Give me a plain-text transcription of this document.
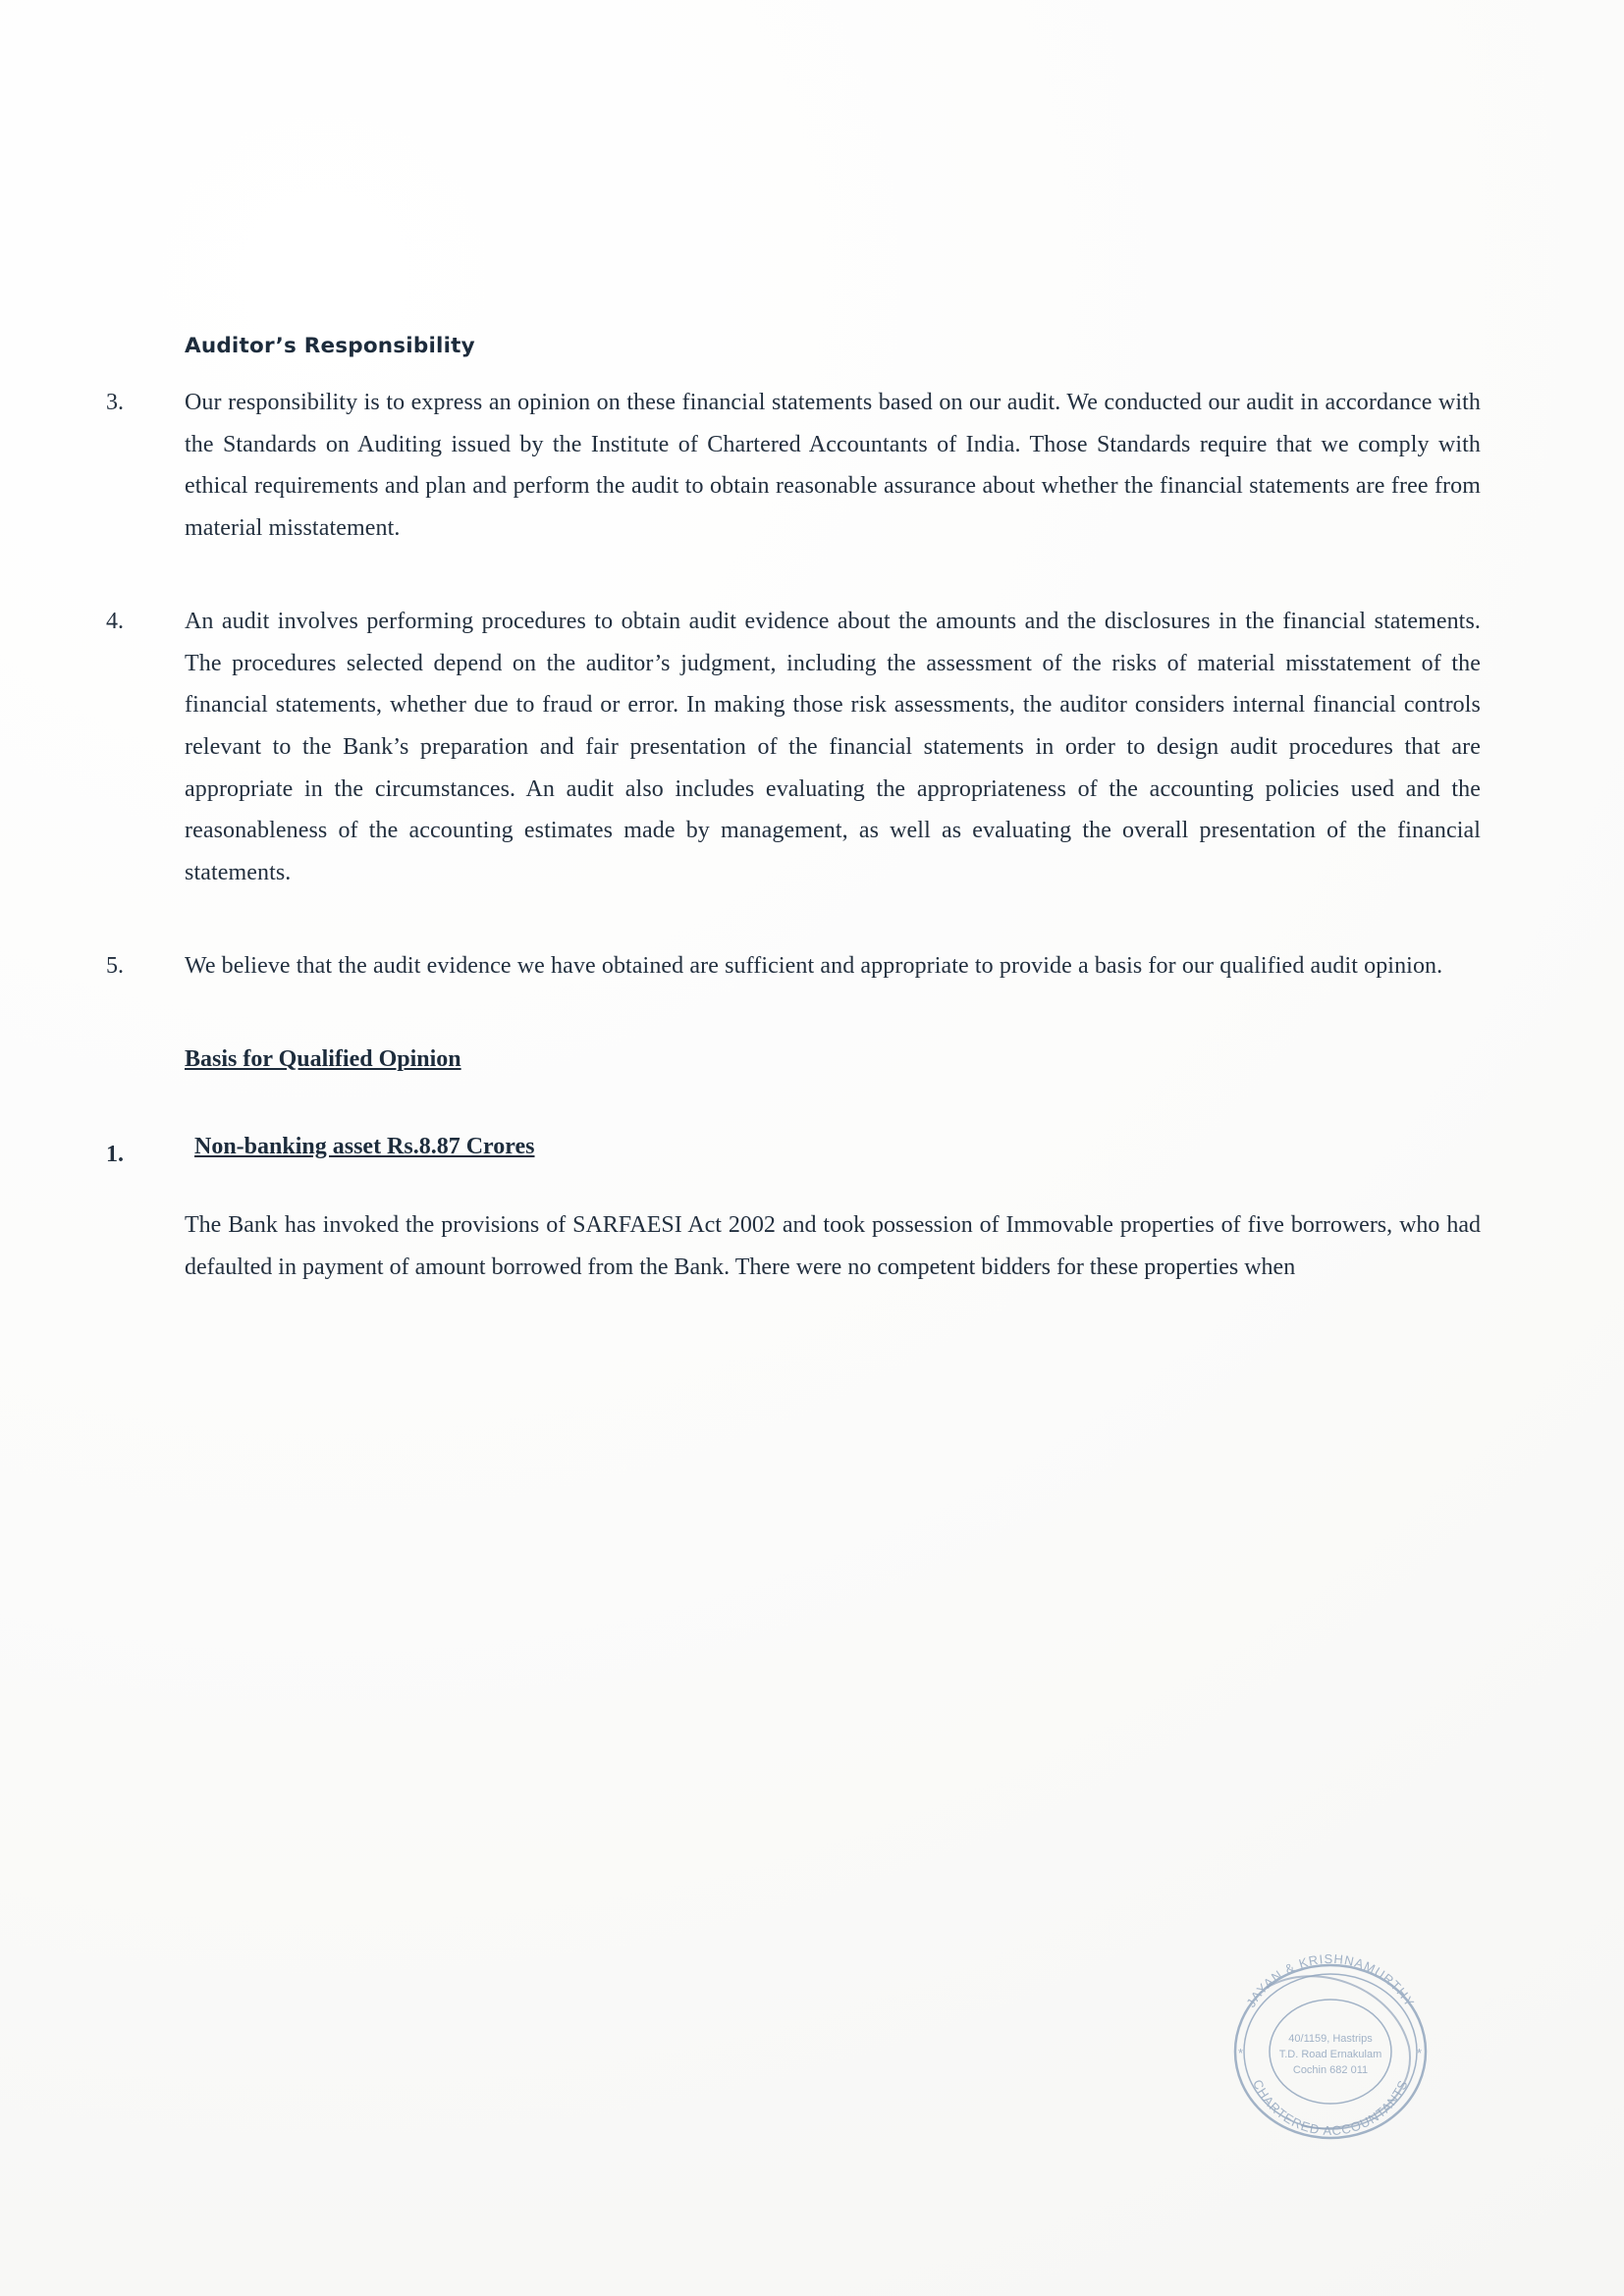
Auditor’s Responsibility
3.	Our responsibility is to express an opinion on these financial statements based on our audit. We conducted our audit in accordance with the Standards on Auditing issued by the Institute of Chartered Accountants of India. Those Standards require that we comply with ethical requirements and plan and perform the audit to obtain reasonable assurance about whether the financial statements are free from material misstatement.
4.	An audit involves performing procedures to obtain audit evidence about the amounts and the disclosures in the financial statements. The procedures selected depend on the auditor’s judgment, including the assessment of the risks of material misstatement of the financial statements, whether due to fraud or error. In making those risk assessments, the auditor considers internal financial controls relevant to the Bank’s preparation and fair presentation of the financial statements in order to design audit procedures that are appropriate in the circumstances. An audit also includes evaluating the appropriateness of the accounting policies used and the reasonableness of the accounting estimates made by management, as well as evaluating the overall presentation of the financial statements.
5.	We believe that the audit evidence we have obtained are sufficient and appropriate to provide a basis for our qualified audit opinion.
Basis for Qualified Opinion
1.	Non-banking asset Rs.8.87 Crores
The Bank has invoked the provisions of SARFAESI Act 2002 and took possession of Immovable properties of five borrowers, who had defaulted in payment of amount borrowed from the Bank. There were no competent bidders for these properties when
JAYAN & KRISHNAMURTHY
CHARTERED ACCOUNTANTS
40/1159, Hastrips
T.D. Road Ernakulam
Cochin 682 011
*	*
